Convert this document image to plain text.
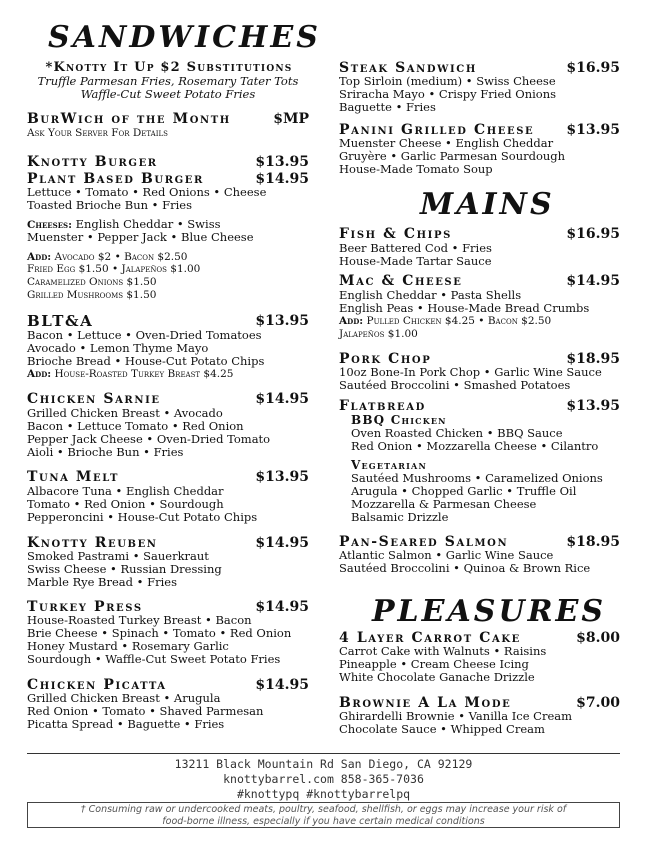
SANDWICHES
*Knotty It Up $2 Substitutions
Truffle Parmesan Fries, Rosemary Tater Tots
Waffle-Cut Sweet Potato Fries
BurWich of the Month	$MP
Ask Your Server For Details
Knotty Burger	$13.95
Plant Based Burger	$14.95
Lettuce • Tomato • Red Onions • Cheese
Toasted Brioche Bun • Fries
Cheeses: English Cheddar • Swiss
Muenster • Pepper Jack • Blue Cheese
Add: Avocado $2 • Bacon $2.50
Fried Egg $1.50 • Jalapeños $1.00
Caramelized Onions $1.50
Grilled Mushrooms $1.50
BLT&A	$13.95
Bacon • Lettuce • Oven-Dried Tomatoes
Avocado • Lemon Thyme Mayo
Brioche Bread • House-Cut Potato Chips
Add: House-Roasted Turkey Breast $4.25
Chicken Sarnie	$14.95
Grilled Chicken Breast • Avocado
Bacon • Lettuce Tomato • Red Onion
Pepper Jack Cheese • Oven-Dried Tomato
Aioli • Brioche Bun • Fries
Tuna Melt	$13.95
Albacore Tuna • English Cheddar
Tomato • Red Onion • Sourdough
Pepperoncini • House-Cut Potato Chips
Knotty Reuben	$14.95
Smoked Pastrami • Sauerkraut
Swiss Cheese • Russian Dressing
Marble Rye Bread • Fries
Turkey Press	$14.95
House-Roasted Turkey Breast • Bacon
Brie Cheese • Spinach • Tomato • Red Onion
Honey Mustard • Rosemary Garlic
Sourdough • Waffle-Cut Sweet Potato Fries
Chicken Picatta	$14.95
Grilled Chicken Breast • Arugula
Red Onion • Tomato • Shaved Parmesan
Picatta Spread • Baguette • Fries
Steak Sandwich	$16.95
Top Sirloin (medium) • Swiss Cheese
Sriracha Mayo • Crispy Fried Onions
Baguette • Fries
Panini Grilled Cheese	$13.95
Muenster Cheese • English Cheddar
Gruyère • Garlic Parmesan Sourdough
House-Made Tomato Soup
MAINS
Fish & Chips	$16.95
Beer Battered Cod • Fries
House-Made Tartar Sauce
Mac & Cheese	$14.95
English Cheddar • Pasta Shells
English Peas • House-Made Bread Crumbs
Add: Pulled Chicken $4.25 • Bacon $2.50
Jalapeños $1.00
Pork Chop	$18.95
10oz Bone-In Pork Chop • Garlic Wine Sauce
Sautéed Broccolini • Smashed Potatoes
Flatbread	$13.95
BBQ Chicken
Oven Roasted Chicken • BBQ Sauce
Red Onion • Mozzarella Cheese • Cilantro
Vegetarian
Sautéed Mushrooms • Caramelized Onions
Arugula • Chopped Garlic • Truffle Oil
Mozzarella & Parmesan Cheese
Balsamic Drizzle
Pan-Seared Salmon	$18.95
Atlantic Salmon • Garlic Wine Sauce
Sautéed Broccolini • Quinoa & Brown Rice
PLEASURES
4 Layer Carrot Cake	$8.00
Carrot Cake with Walnuts • Raisins
Pineapple • Cream Cheese Icing
White Chocolate Ganache Drizzle
Brownie A La Mode	$7.00
Ghirardelli Brownie • Vanilla Ice Cream
Chocolate Sauce • Whipped Cream
13211 Black Mountain Rd San Diego, CA 92129
knottybarrel.com 858-365-7036
#knottypq #knottybarrelpq
† Consuming raw or undercooked meats, poultry, seafood, shellfish, or eggs may increase your risk of
food-borne illness, especially if you have certain medical conditions
